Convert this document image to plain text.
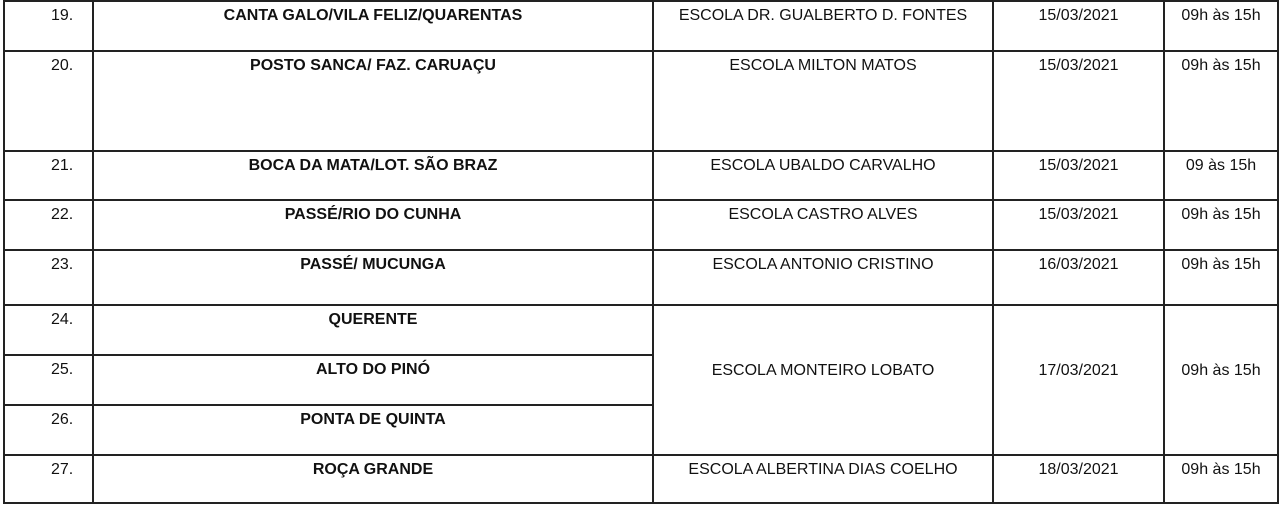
19.	CANTA GALO/VILA FELIZ/QUARENTAS	ESCOLA DR. GUALBERTO D. FONTES	15/03/2021	09h às 15h

20.	POSTO SANCA/ FAZ. CARUAÇU	ESCOLA MILTON MATOS	15/03/2021	09h às 15h

21.	BOCA DA MATA/LOT. SÃO BRAZ	ESCOLA UBALDO CARVALHO	15/03/2021	09 às 15h

22.	PASSÉ/RIO DO CUNHA	ESCOLA CASTRO ALVES	15/03/2021	09h às 15h

23.	PASSÉ/ MUCUNGA	ESCOLA ANTONIO CRISTINO	16/03/2021	09h às 15h

24.	QUERENTE	ESCOLA MONTEIRO LOBATO	17/03/2021	09h às 15h

25.	ALTO DO PINÓ			

26.	PONTA DE QUINTA			

27.	ROÇA GRANDE	ESCOLA ALBERTINA DIAS COELHO	18/03/2021	09h às 15h
